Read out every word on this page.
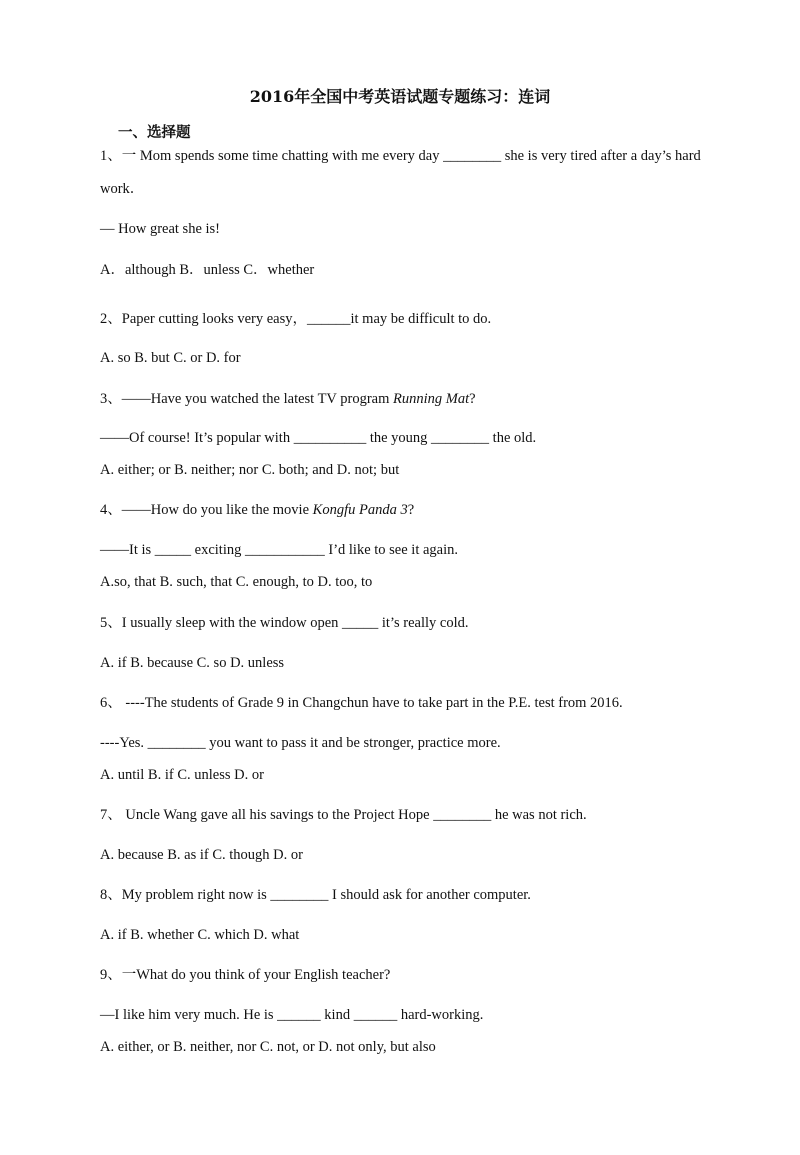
2016年全国中考英语试题专题练习：连词
一、选择题
1、一 Mom spends some time chatting with me every day ________ she is very tired after a day’s hard
work．
— How great she is!
A．although B．unless C．whether
2、Paper cutting looks very easy，______it may be difficult to do.
A. so B. but C. or D. for
3、——Have you watched the latest TV program Running Mat?
——Of course! It’s popular with __________ the young ________ the old.
A. either; or B. neither; nor C. both; and D. not; but
4、——How do you like the movie Kongfu Panda 3?
——It is _____ exciting ___________ I’d like to see it again.
A.so, that B. such, that C. enough, to D. too, to
5、I usually sleep with the window open _____ it’s really cold.
A. if B. because C. so D. unless
6、 ----The students of Grade 9 in Changchun have to take part in the P.E. test from 2016.
----Yes. ________ you want to pass it and be stronger, practice more.
A. until B. if C. unless D. or
7、 Uncle Wang gave all his savings to the Project Hope ________ he was not rich.
A. because B. as if C. though D. or
8、My problem right now is ________ I should ask for another computer.
A. if B. whether C. which D. what
9、一What do you think of your English teacher?
—I like him very much. He is ______ kind ______ hard-working.
A. either, or B. neither, nor C. not, or D. not only, but also
